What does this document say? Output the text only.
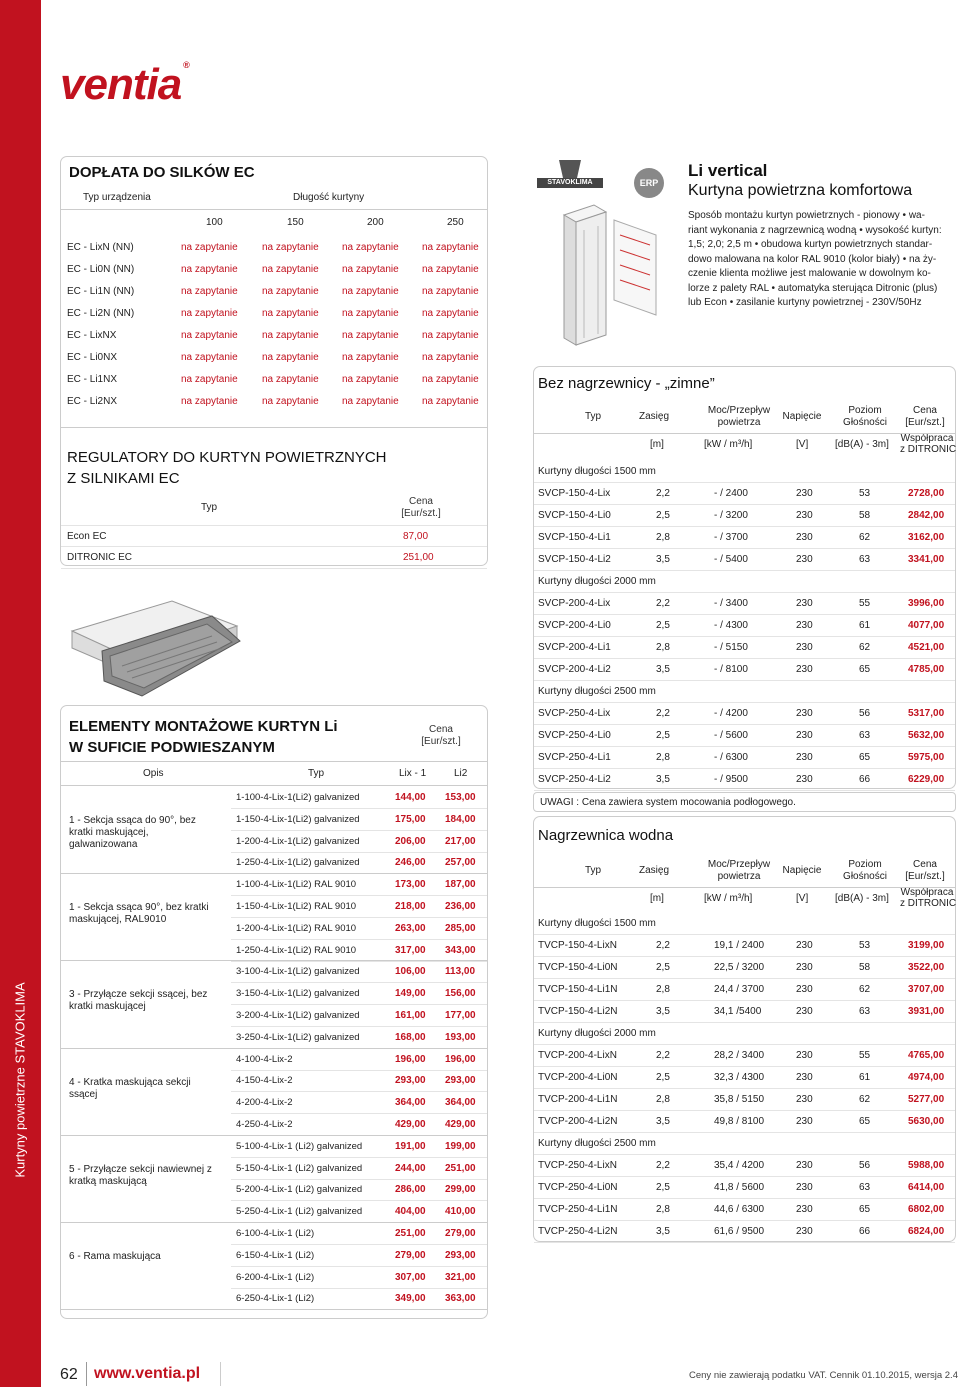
Kurtyny powietrzne STAVOKLIMA
ventia ®
DOPŁATA DO SILKÓW EC
Typ urządzenia	Długość kurtyny
100	150	200	250
EC - LixN (NN)	na zapytanie na zapytanie na zapytanie na zapytanie
EC - Li0N (NN)	na zapytanie na zapytanie na zapytanie na zapytanie
EC - Li1N (NN)	na zapytanie na zapytanie na zapytanie na zapytanie
EC - Li2N (NN)	na zapytanie na zapytanie na zapytanie na zapytanie
EC - LixNX	na zapytanie na zapytanie na zapytanie na zapytanie
EC - Li0NX	na zapytanie na zapytanie na zapytanie na zapytanie
EC - Li1NX	na zapytanie na zapytanie na zapytanie na zapytanie
EC - Li2NX	na zapytanie na zapytanie na zapytanie na zapytanie
REGULATORY DO KURTYN POWIETRZNYCH
Z SILNIKAMI EC
Typ
Cena
[Eur/szt.]
Econ EC	87,00
DITRONIC EC	251,00
ELEMENTY MONTAŻOWE KURTYN Li
W SUFICIE PODWIESZANYM
Cena
[Eur/szt.]
Opis	Typ	Lix - 1	Li2
1 - Sekcja ssąca do 90°, bez kratki maskującej, galwanizowana
1-100-4-Lix-1(Li2) galvanized	144,00 153,00
1-150-4-Lix-1(Li2) galvanized	175,00 184,00
1-200-4-Lix-1(Li2) galvanized	206,00 217,00
1-250-4-Lix-1(Li2) galvanized	246,00 257,00
1 - Sekcja ssąca 90°, bez kratki maskującej, RAL9010
1-100-4-Lix-1(Li2) RAL 9010	173,00 187,00
1-150-4-Lix-1(Li2) RAL 9010	218,00 236,00
1-200-4-Lix-1(Li2) RAL 9010	263,00 285,00
1-250-4-Lix-1(Li2) RAL 9010	317,00 343,00
3 - Przyłącze sekcji ssącej, bez kratki maskującej
3-100-4-Lix-1(Li2) galvanized	106,00 113,00
3-150-4-Lix-1(Li2) galvanized	149,00 156,00
3-200-4-Lix-1(Li2) galvanized	161,00 177,00
3-250-4-Lix-1(Li2) galvanized	168,00 193,00
4 - Kratka maskująca sekcji ssącej
4-100-4-Lix-2	196,00 196,00
4-150-4-Lix-2	293,00 293,00
4-200-4-Lix-2	364,00 364,00
4-250-4-Lix-2	429,00 429,00
5 - Przyłącze sekcji nawiewnej z kratką maskującą
5-100-4-Lix-1 (Li2) galvanized	191,00 199,00
5-150-4-Lix-1 (Li2) galvanized	244,00 251,00
5-200-4-Lix-1 (Li2) galvanized	286,00 299,00
5-250-4-Lix-1 (Li2) galvanized	404,00 410,00
6 - Rama maskująca
6-100-4-Lix-1 (Li2)	251,00 279,00
6-150-4-Lix-1 (Li2)	279,00 293,00
6-200-4-Lix-1 (Li2)	307,00 321,00
6-250-4-Lix-1 (Li2)	349,00 363,00
STAVOKLIMA	ERP
Li vertical
Kurtyna powietrzna komfortowa
Sposób montażu kurtyn powietrznych - pionowy • wa-
riant wykonania z nagrzewnicą wodną • wysokość kurtyn:
1,5; 2,0; 2,5 m • obudowa kurtyn powietrznych standar-
dowo malowana na kolor RAL 9010 (kolor biały) • na ży-
czenie klienta możliwe jest malowanie w dowolnym ko-
lorze z palety RAL • automatyka sterująca Ditronic (plus)
lub Econ • zasilanie kurtyny powietrznej - 230V/50Hz
Bez nagrzewnicy - „zimne”
Typ	Zasięg
Moc/Przepływ
powietrza
Napięcie
Poziom
Głośności
Cena
[Eur/szt.]
[m]	[kW / m³/h]	[V]	[dB(A) - 3m]
Współpraca
z DITRONIC
Kurtyny długości 1500 mm
SVCP-150-4-Lix	2,2	- / 2400	230	53	2728,00
SVCP-150-4-Li0	2,5	- / 3200	230	58	2842,00
SVCP-150-4-Li1	2,8	- / 3700	230	62	3162,00
SVCP-150-4-Li2	3,5	- / 5400	230	63	3341,00
Kurtyny długości 2000 mm
SVCP-200-4-Lix	2,2	- / 3400	230	55	3996,00
SVCP-200-4-Li0	2,5	- / 4300	230	61	4077,00
SVCP-200-4-Li1	2,8	- / 5150	230	62	4521,00
SVCP-200-4-Li2	3,5	- / 8100	230	65	4785,00
Kurtyny długości 2500 mm
SVCP-250-4-Lix	2,2	- / 4200	230	56	5317,00
SVCP-250-4-Li0	2,5	- / 5600	230	63	5632,00
SVCP-250-4-Li1	2,8	- / 6300	230	65	5975,00
SVCP-250-4-Li2	3,5	- / 9500	230	66	6229,00
UWAGI : Cena zawiera system mocowania podłogowego.
Nagrzewnica wodna
Typ	Zasięg
Moc/Przepływ
powietrza
Napięcie
Poziom
Głośności
Cena
[Eur/szt.]
[m]	[kW / m³/h]	[V]	[dB(A) - 3m]
Współpraca
z DITRONIC
Kurtyny długości 1500 mm
TVCP-150-4-LixN	2,2	19,1 / 2400	230	53	3199,00
TVCP-150-4-Li0N	2,5	22,5 / 3200	230	58	3522,00
TVCP-150-4-Li1N	2,8	24,4 / 3700	230	62	3707,00
TVCP-150-4-Li2N	3,5	34,1 /5400	230	63	3931,00
Kurtyny długości 2000 mm
TVCP-200-4-LixN	2,2	28,2 / 3400	230	55	4765,00
TVCP-200-4-Li0N	2,5	32,3 / 4300	230	61	4974,00
TVCP-200-4-Li1N	2,8	35,8 / 5150	230	62	5277,00
TVCP-200-4-Li2N	3,5	49,8 / 8100	230	65	5630,00
Kurtyny długości 2500 mm
TVCP-250-4-LixN	2,2	35,4 / 4200	230	56	5988,00
TVCP-250-4-Li0N	2,5	41,8 / 5600	230	63	6414,00
TVCP-250-4-Li1N	2,8	44,6 / 6300	230	65	6802,00
TVCP-250-4-Li2N	3,5	61,6 / 9500	230	66	6824,00
62 www.ventia.pl	Ceny nie zawierają podatku VAT. Cennik 01.10.2015, wersja 2.4
